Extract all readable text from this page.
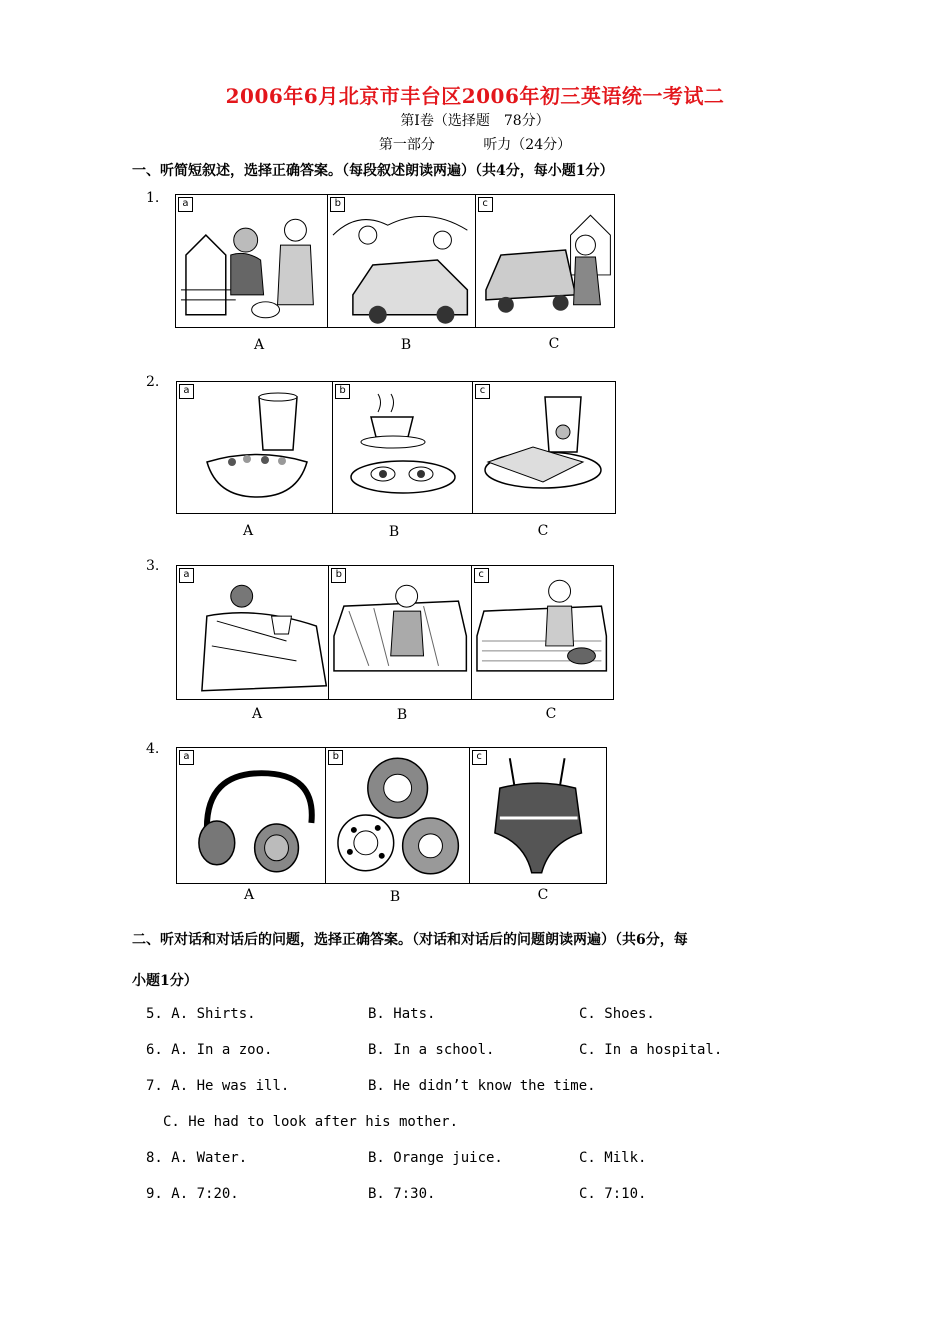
2006年6月北京市丰台区2006年初三英语统一考试二
第Ⅰ卷（选择题　78分）
第一部分	听力（24分）
一、听简短叙述，选择正确答案。（每段叙述朗读两遍）（共4分，每小题1分）
1.	a	b	c
A	B	C
2.
a	b	c
A	B	C
3.
a	b	c
A	B	C
4.	a	b	c
A	B	C
二、听对话和对话后的问题，选择正确答案。（对话和对话后的问题朗读两遍）（共6分，每
小题1分）
5. A. Shirts.	B. Hats.	C. Shoes.
6. A. In a zoo.	B. In a school.	C. In a hospital.
7. A. He was ill.	B. He didn’t know the time.
C. He had to look after his mother.
8. A. Water.	B. Orange juice.	C. Milk.
9. A. 7:20.	B. 7:30.	C. 7:10.
